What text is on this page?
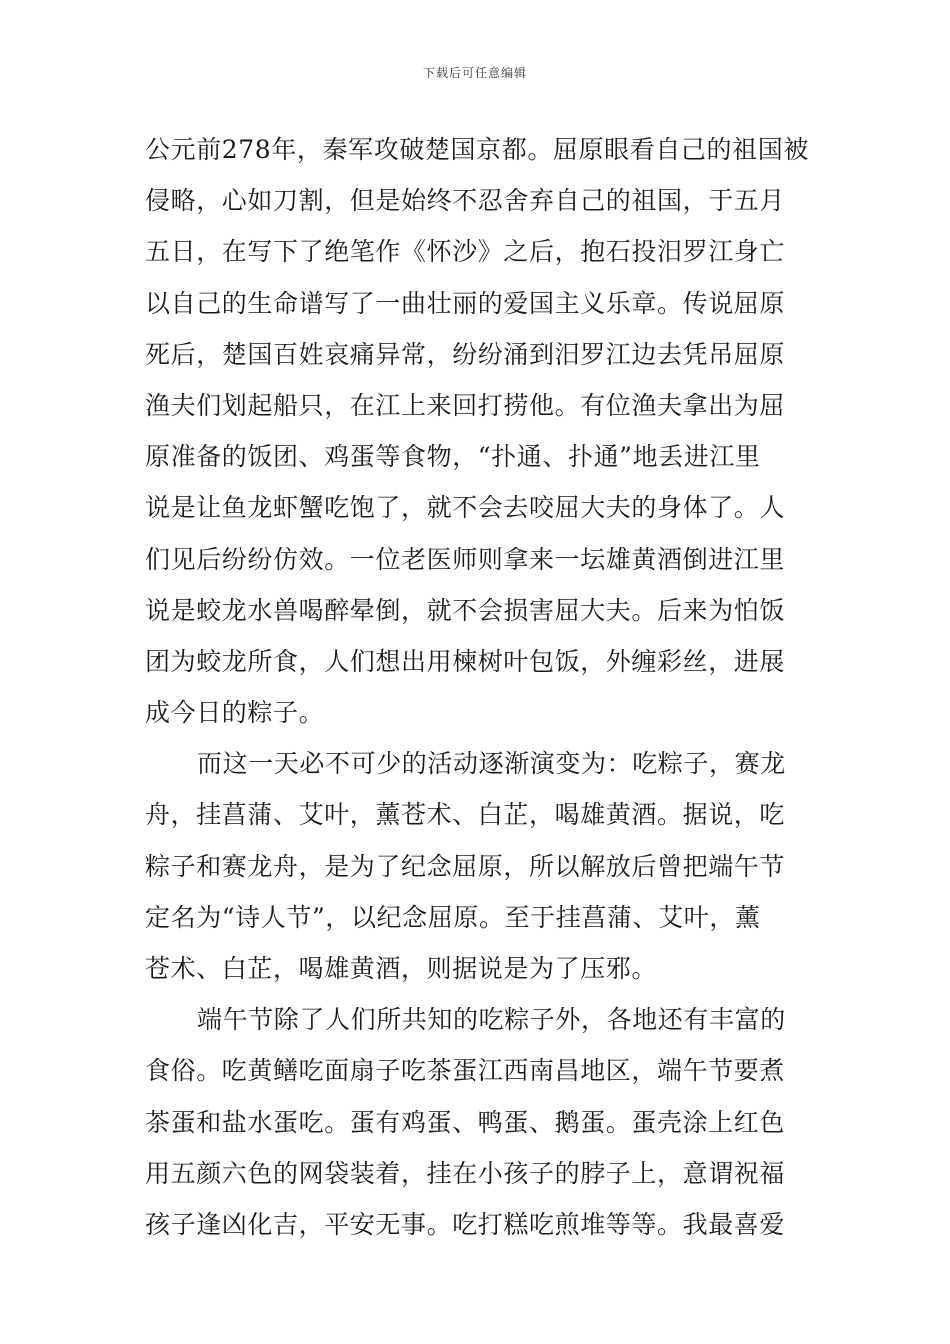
下载后可任意编辑
公元前278年，秦军攻破楚国京都。屈原眼看自己的祖国被
侵略，心如刀割，但是始终不忍舍弃自己的祖国，于五月
五日，在写下了绝笔作《怀沙》之后，抱石投汨罗江身亡
以自己的生命谱写了一曲壮丽的爱国主义乐章。传说屈原
死后，楚国百姓哀痛异常，纷纷涌到汨罗江边去凭吊屈原
渔夫们划起船只，在江上来回打捞他。有位渔夫拿出为屈
原准备的饭团、鸡蛋等食物，“扑通、扑通”地丢进江里
说是让鱼龙虾蟹吃饱了，就不会去咬屈大夫的身体了。人
们见后纷纷仿效。一位老医师则拿来一坛雄黄酒倒进江里
说是蛟龙水兽喝醉晕倒，就不会损害屈大夫。后来为怕饭
团为蛟龙所食，人们想出用楝树叶包饭，外缠彩丝，进展
成今日的粽子。
而这一天必不可少的活动逐渐演变为：吃粽子，赛龙
舟，挂菖蒲、艾叶，薰苍术、白芷，喝雄黄酒。据说，吃
粽子和赛龙舟，是为了纪念屈原，所以解放后曾把端午节
定名为“诗人节”，以纪念屈原。至于挂菖蒲、艾叶，薰
苍术、白芷，喝雄黄酒，则据说是为了压邪。
端午节除了人们所共知的吃粽子外，各地还有丰富的
食俗。吃黄鳝吃面扇子吃茶蛋江西南昌地区，端午节要煮
茶蛋和盐水蛋吃。蛋有鸡蛋、鸭蛋、鹅蛋。蛋壳涂上红色
用五颜六色的网袋装着，挂在小孩子的脖子上，意谓祝福
孩子逢凶化吉，平安无事。吃打糕吃煎堆等等。我最喜爱
